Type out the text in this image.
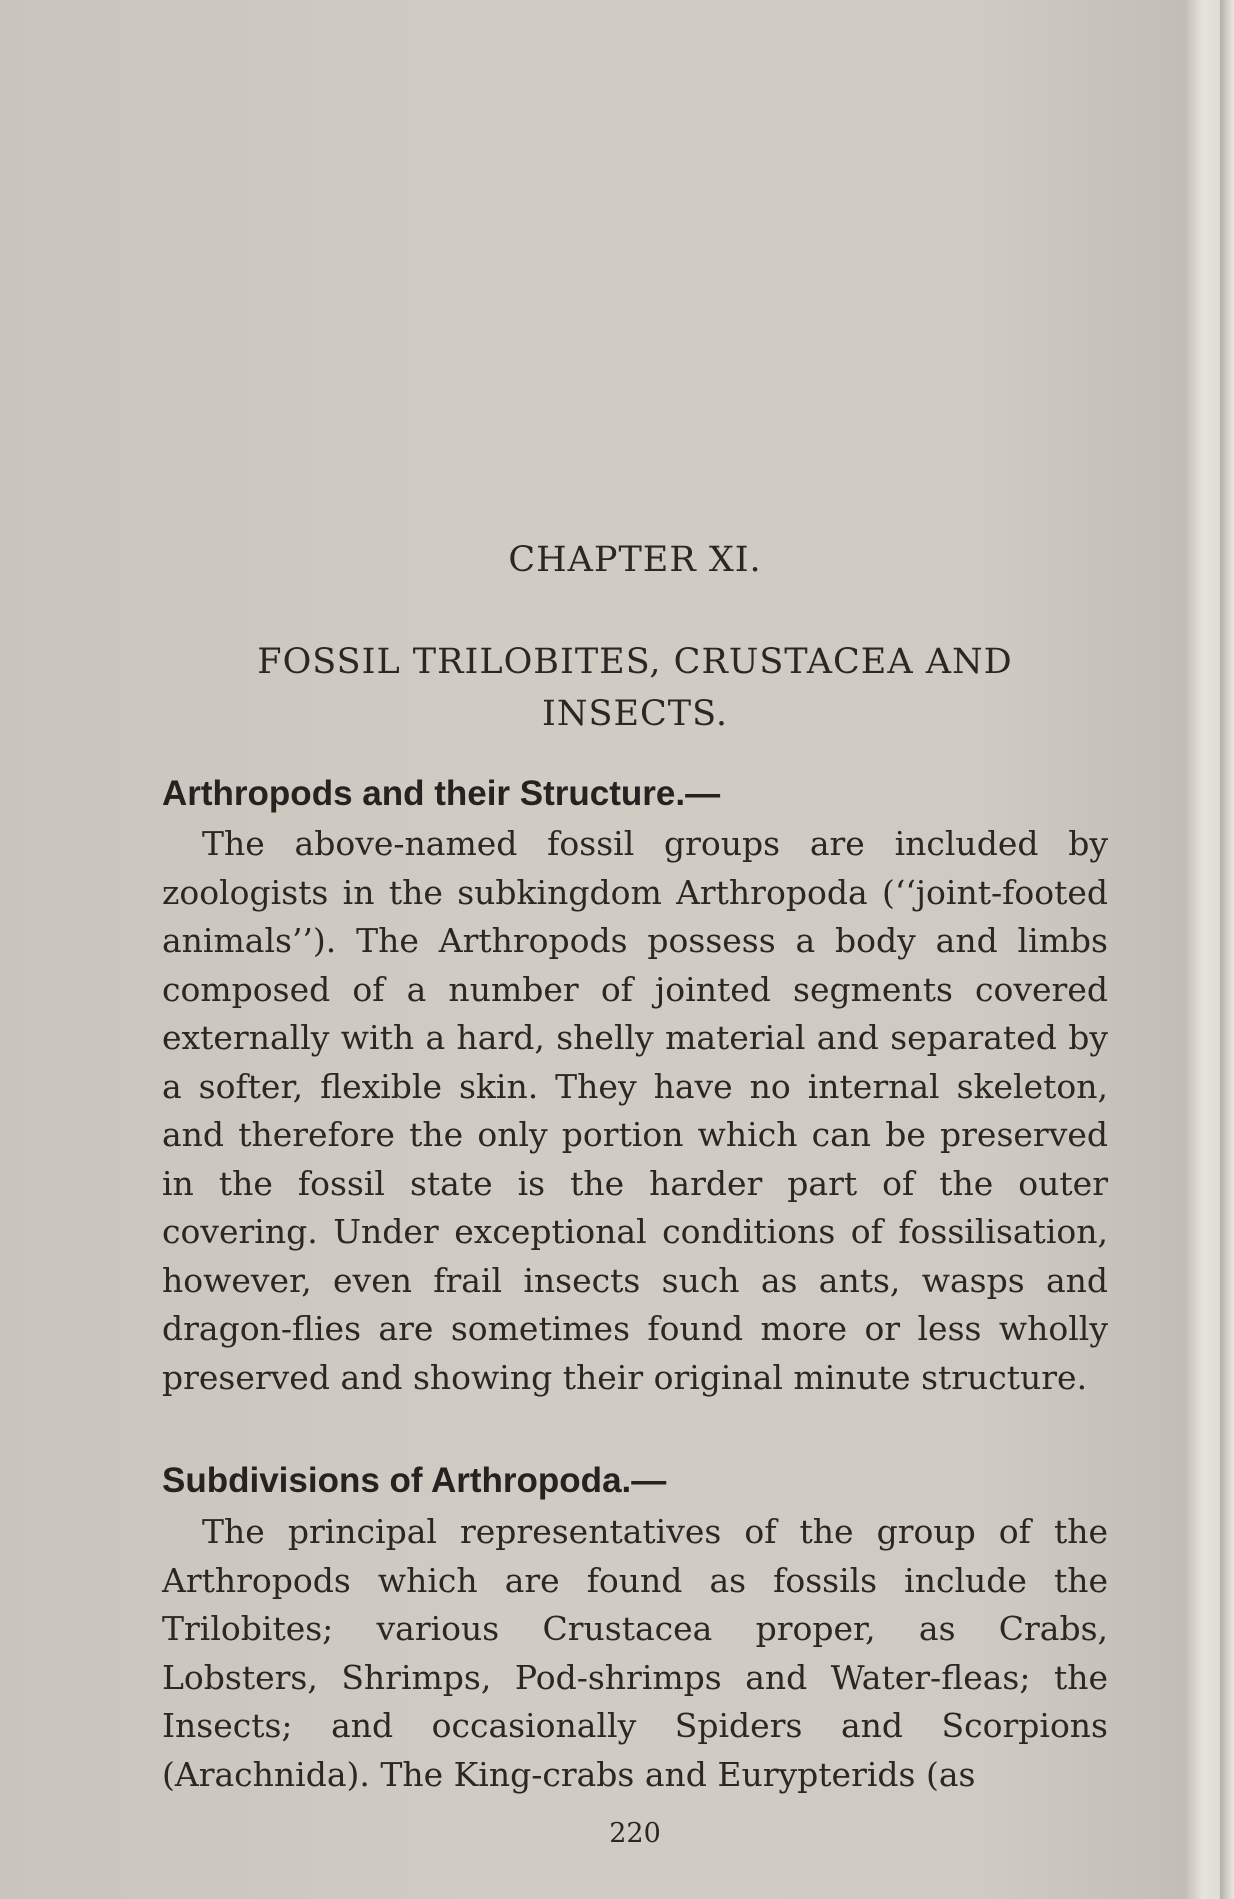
CHAPTER XI.
FOSSIL TRILOBITES, CRUSTACEA AND
INSECTS.
Arthropods and their Structure.—

The above-named fossil groups are included by zoologists in the subkingdom Arthropoda (‘‘joint-footed animals’’). The Arthropods possess a body and limbs composed of a number of jointed segments covered externally with a hard, shelly material and separated by a softer, flexible skin. They have no internal skeleton, and therefore the only portion which can be preserved in the fossil state is the harder part of the outer covering. Under exceptional conditions of fossilisation, however, even frail insects such as ants, wasps and dragon-flies are sometimes found more or less wholly preserved and showing their original minute structure.

Subdivisions of Arthropoda.—

The principal representatives of the group of the Arthropods which are found as fossils include the Trilobites; various Crustacea proper, as Crabs, Lobsters, Shrimps, Pod-shrimps and Water-fleas; the Insects; and occasionally Spiders and Scorpions (Arachnida). The King-crabs and Eurypterids (as

220
